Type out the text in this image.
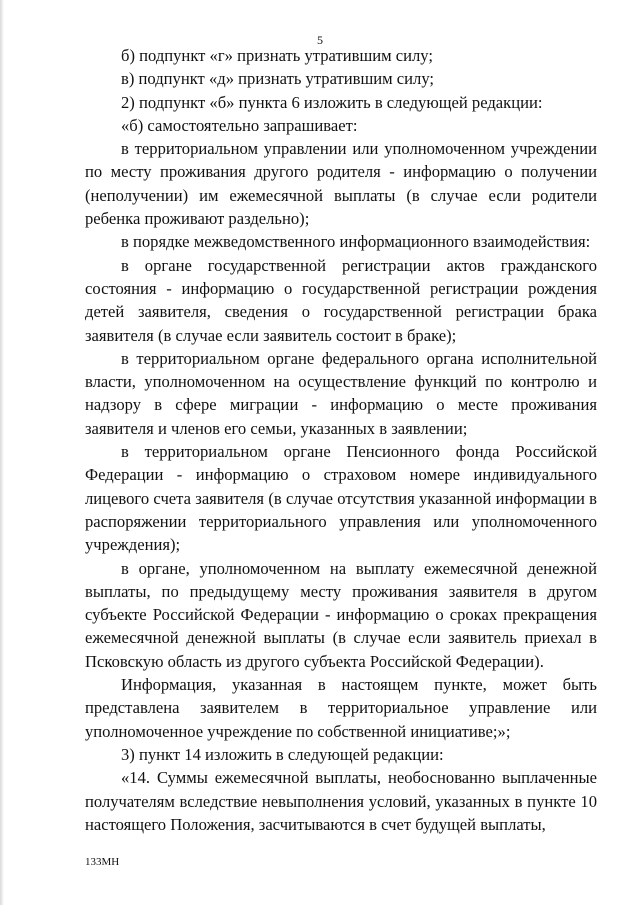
5

б) подпункт «г» признать утратившим силу;

в) подпункт «д» признать утратившим силу;

2) подпункт «б» пункта 6 изложить в следующей редакции:

«б) самостоятельно запрашивает:

в территориальном управлении или уполномоченном учреждении по месту проживания другого родителя - информацию о получении (неполучении) им ежемесячной выплаты (в случае если родители ребенка проживают раздельно);

в порядке межведомственного информационного взаимодействия:

в органе государственной регистрации актов гражданского состояния - информацию о государственной регистрации рождения детей заявителя, сведения о государственной регистрации брака заявителя (в случае если заявитель состоит в браке);

в территориальном органе федерального органа исполнительной власти, уполномоченном на осуществление функций по контролю и надзору в сфере миграции - информацию о месте проживания заявителя и членов его семьи, указанных в заявлении;

в территориальном органе Пенсионного фонда Российской Федерации - информацию о страховом номере индивидуального лицевого счета заявителя (в случае отсутствия указанной информации в распоряжении территориального управления или уполномоченного учреждения);

в органе, уполномоченном на выплату ежемесячной денежной выплаты, по предыдущему месту проживания заявителя в другом субъекте Российской Федерации - информацию о сроках прекращения ежемесячной денежной выплаты (в случае если заявитель приехал в Псковскую область из другого субъекта Российской Федерации).

Информация, указанная в настоящем пункте, может быть представлена заявителем в территориальное управление или уполномоченное учреждение по собственной инициативе;»;

3) пункт 14 изложить в следующей редакции:

«14. Суммы ежемесячной выплаты, необоснованно выплаченные получателям вследствие невыполнения условий, указанных в пункте 10 настоящего Положения, засчитываются в счет будущей выплаты,

133МН
